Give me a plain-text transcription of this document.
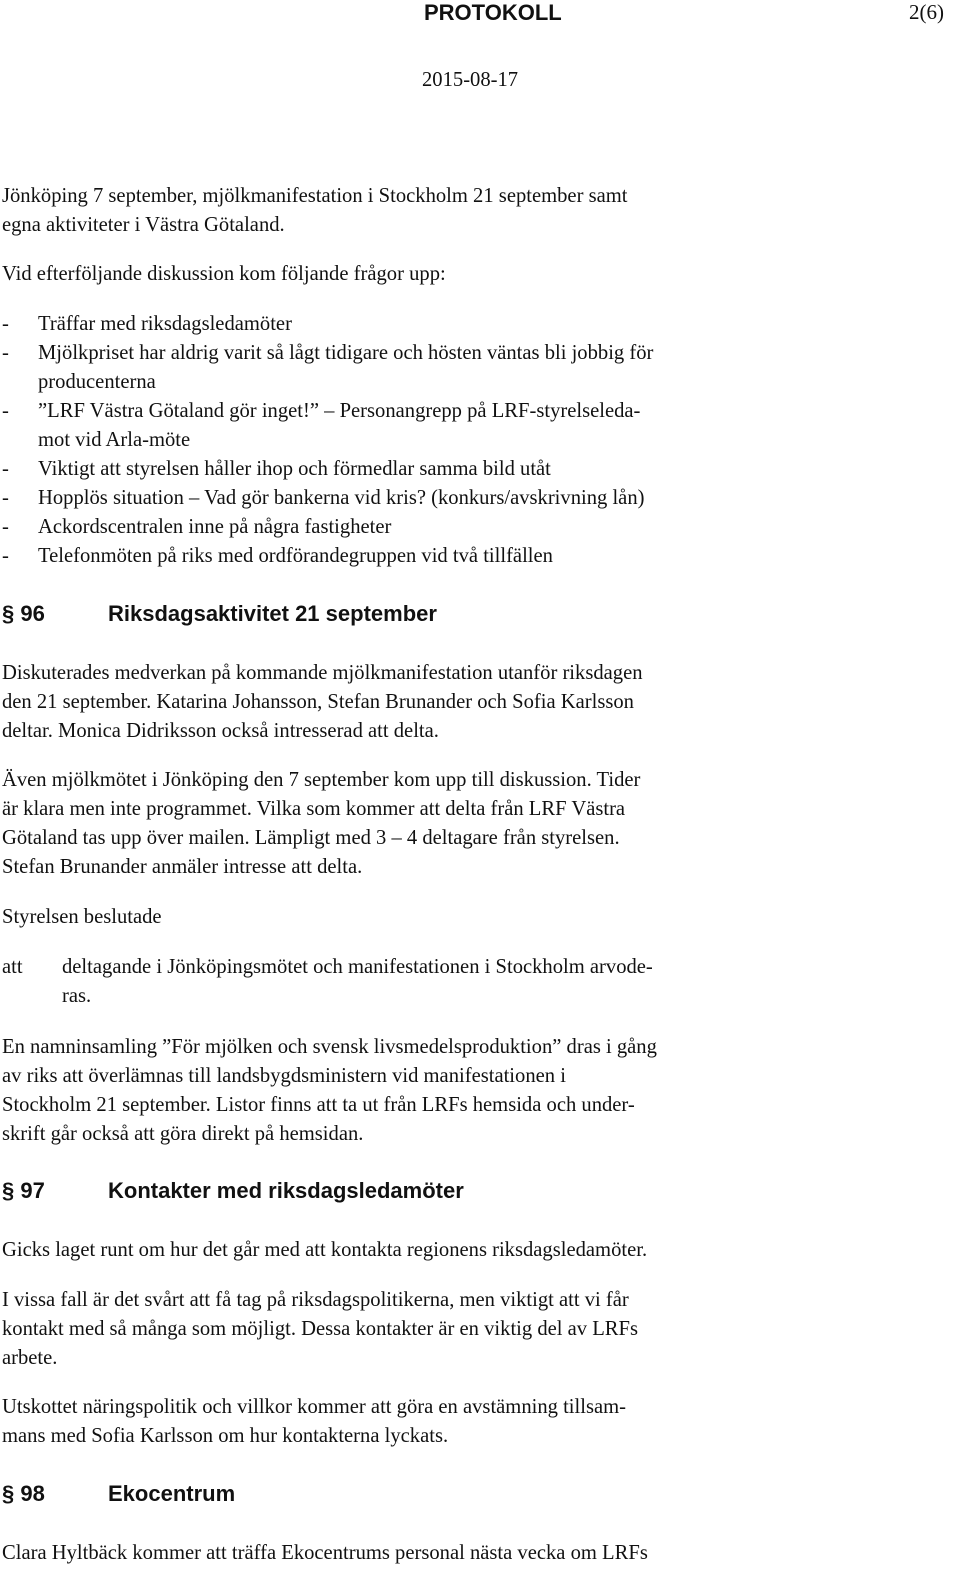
PROTOKOLL	2(6)
2015-08-17
Jönköping 7 september, mjölkmanifestation i Stockholm 21 september samt
egna aktiviteter i Västra Götaland.
Vid efterföljande diskussion kom följande frågor upp:
- Träffar med riksdagsledamöter
- Mjölkpriset har aldrig varit så lågt tidigare och hösten väntas bli jobbig för
producenterna
- ”LRF Västra Götaland gör inget!” – Personangrepp på LRF-styrelseleda-
mot vid Arla-möte
- Viktigt att styrelsen håller ihop och förmedlar samma bild utåt
- Hopplös situation – Vad gör bankerna vid kris? (konkurs/avskrivning lån)
- Ackordscentralen inne på några fastigheter
- Telefonmöten på riks med ordförandegruppen vid två tillfällen
§ 96	Riksdagsaktivitet 21 september
Diskuterades medverkan på kommande mjölkmanifestation utanför riksdagen
den 21 september. Katarina Johansson, Stefan Brunander och Sofia Karlsson
deltar. Monica Didriksson också intresserad att delta.
Även mjölkmötet i Jönköping den 7 september kom upp till diskussion. Tider
är klara men inte programmet. Vilka som kommer att delta från LRF Västra
Götaland tas upp över mailen. Lämpligt med 3 – 4 deltagare från styrelsen.
Stefan Brunander anmäler intresse att delta.
Styrelsen beslutade
att deltagande i Jönköpingsmötet och manifestationen i Stockholm arvode-
ras.
En namninsamling ”För mjölken och svensk livsmedelsproduktion” dras i gång
av riks att överlämnas till landsbygdsministern vid manifestationen i
Stockholm 21 september. Listor finns att ta ut från LRFs hemsida och under-
skrift går också att göra direkt på hemsidan.
§ 97	Kontakter med riksdagsledamöter
Gicks laget runt om hur det går med att kontakta regionens riksdagsledamöter.
I vissa fall är det svårt att få tag på riksdagspolitikerna, men viktigt att vi får
kontakt med så många som möjligt. Dessa kontakter är en viktig del av LRFs
arbete.
Utskottet näringspolitik och villkor kommer att göra en avstämning tillsam-
mans med Sofia Karlsson om hur kontakterna lyckats.
§ 98	Ekocentrum
Clara Hyltbäck kommer att träffa Ekocentrums personal nästa vecka om LRFs
